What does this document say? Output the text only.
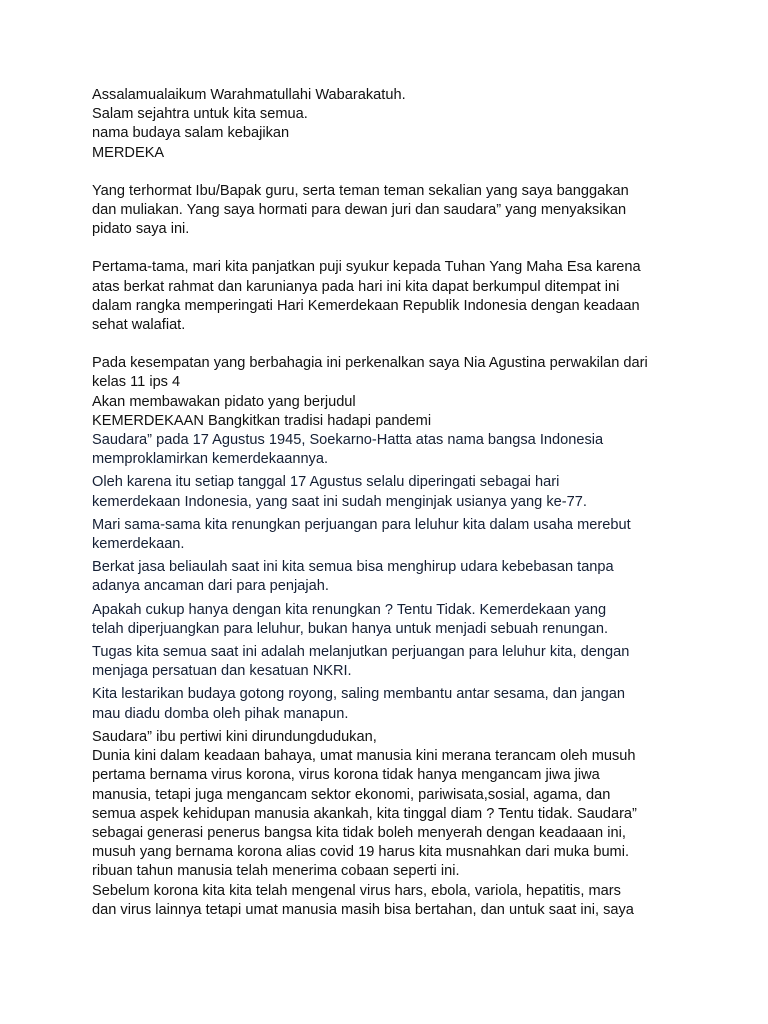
Assalamualaikum Warahmatullahi Wabarakatuh.
Salam sejahtra untuk kita semua.
nama budaya salam kebajikan
MERDEKA
Yang terhormat Ibu/Bapak guru, serta teman teman sekalian yang saya banggakan
dan muliakan. Yang saya hormati para dewan juri dan saudara” yang menyaksikan
pidato saya ini.
Pertama-tama, mari kita panjatkan puji syukur kepada Tuhan Yang Maha Esa karena
atas berkat rahmat dan karunianya pada hari ini kita dapat berkumpul ditempat ini
dalam rangka memperingati Hari Kemerdekaan Republik Indonesia dengan keadaan
sehat walafiat.
Pada kesempatan yang berbahagia ini perkenalkan saya Nia Agustina perwakilan dari
kelas 11 ips 4
Akan membawakan pidato yang berjudul
KEMERDEKAAN Bangkitkan tradisi hadapi pandemi
Saudara” pada 17 Agustus 1945, Soekarno-Hatta atas nama bangsa Indonesia
memproklamirkan kemerdekaannya.
Oleh karena itu setiap tanggal 17 Agustus selalu diperingati sebagai hari
kemerdekaan Indonesia, yang saat ini sudah menginjak usianya yang ke-77.
Mari sama-sama kita renungkan perjuangan para leluhur kita dalam usaha merebut
kemerdekaan.
Berkat jasa beliaulah saat ini kita semua bisa menghirup udara kebebasan tanpa
adanya ancaman dari para penjajah.
Apakah cukup hanya dengan kita renungkan ? Tentu Tidak. Kemerdekaan yang
telah diperjuangkan para leluhur, bukan hanya untuk menjadi sebuah renungan.
Tugas kita semua saat ini adalah melanjutkan perjuangan para leluhur kita, dengan
menjaga persatuan dan kesatuan NKRI.
Kita lestarikan budaya gotong royong, saling membantu antar sesama, dan jangan
mau diadu domba oleh pihak manapun.
Saudara” ibu pertiwi kini dirundungdudukan,
Dunia kini dalam keadaan bahaya, umat manusia kini merana terancam oleh musuh
pertama bernama virus korona, virus korona tidak hanya mengancam jiwa jiwa
manusia, tetapi juga mengancam sektor ekonomi, pariwisata,sosial, agama, dan
semua aspek kehidupan manusia akankah, kita tinggal diam ? Tentu tidak. Saudara”
sebagai generasi penerus bangsa kita tidak boleh menyerah dengan keadaaan ini,
musuh yang bernama korona alias covid 19 harus kita musnahkan dari muka bumi.
ribuan tahun manusia telah menerima cobaan seperti ini.
Sebelum korona kita kita telah mengenal virus hars, ebola, variola, hepatitis, mars
dan virus lainnya tetapi umat manusia masih bisa bertahan, dan untuk saat ini, saya
